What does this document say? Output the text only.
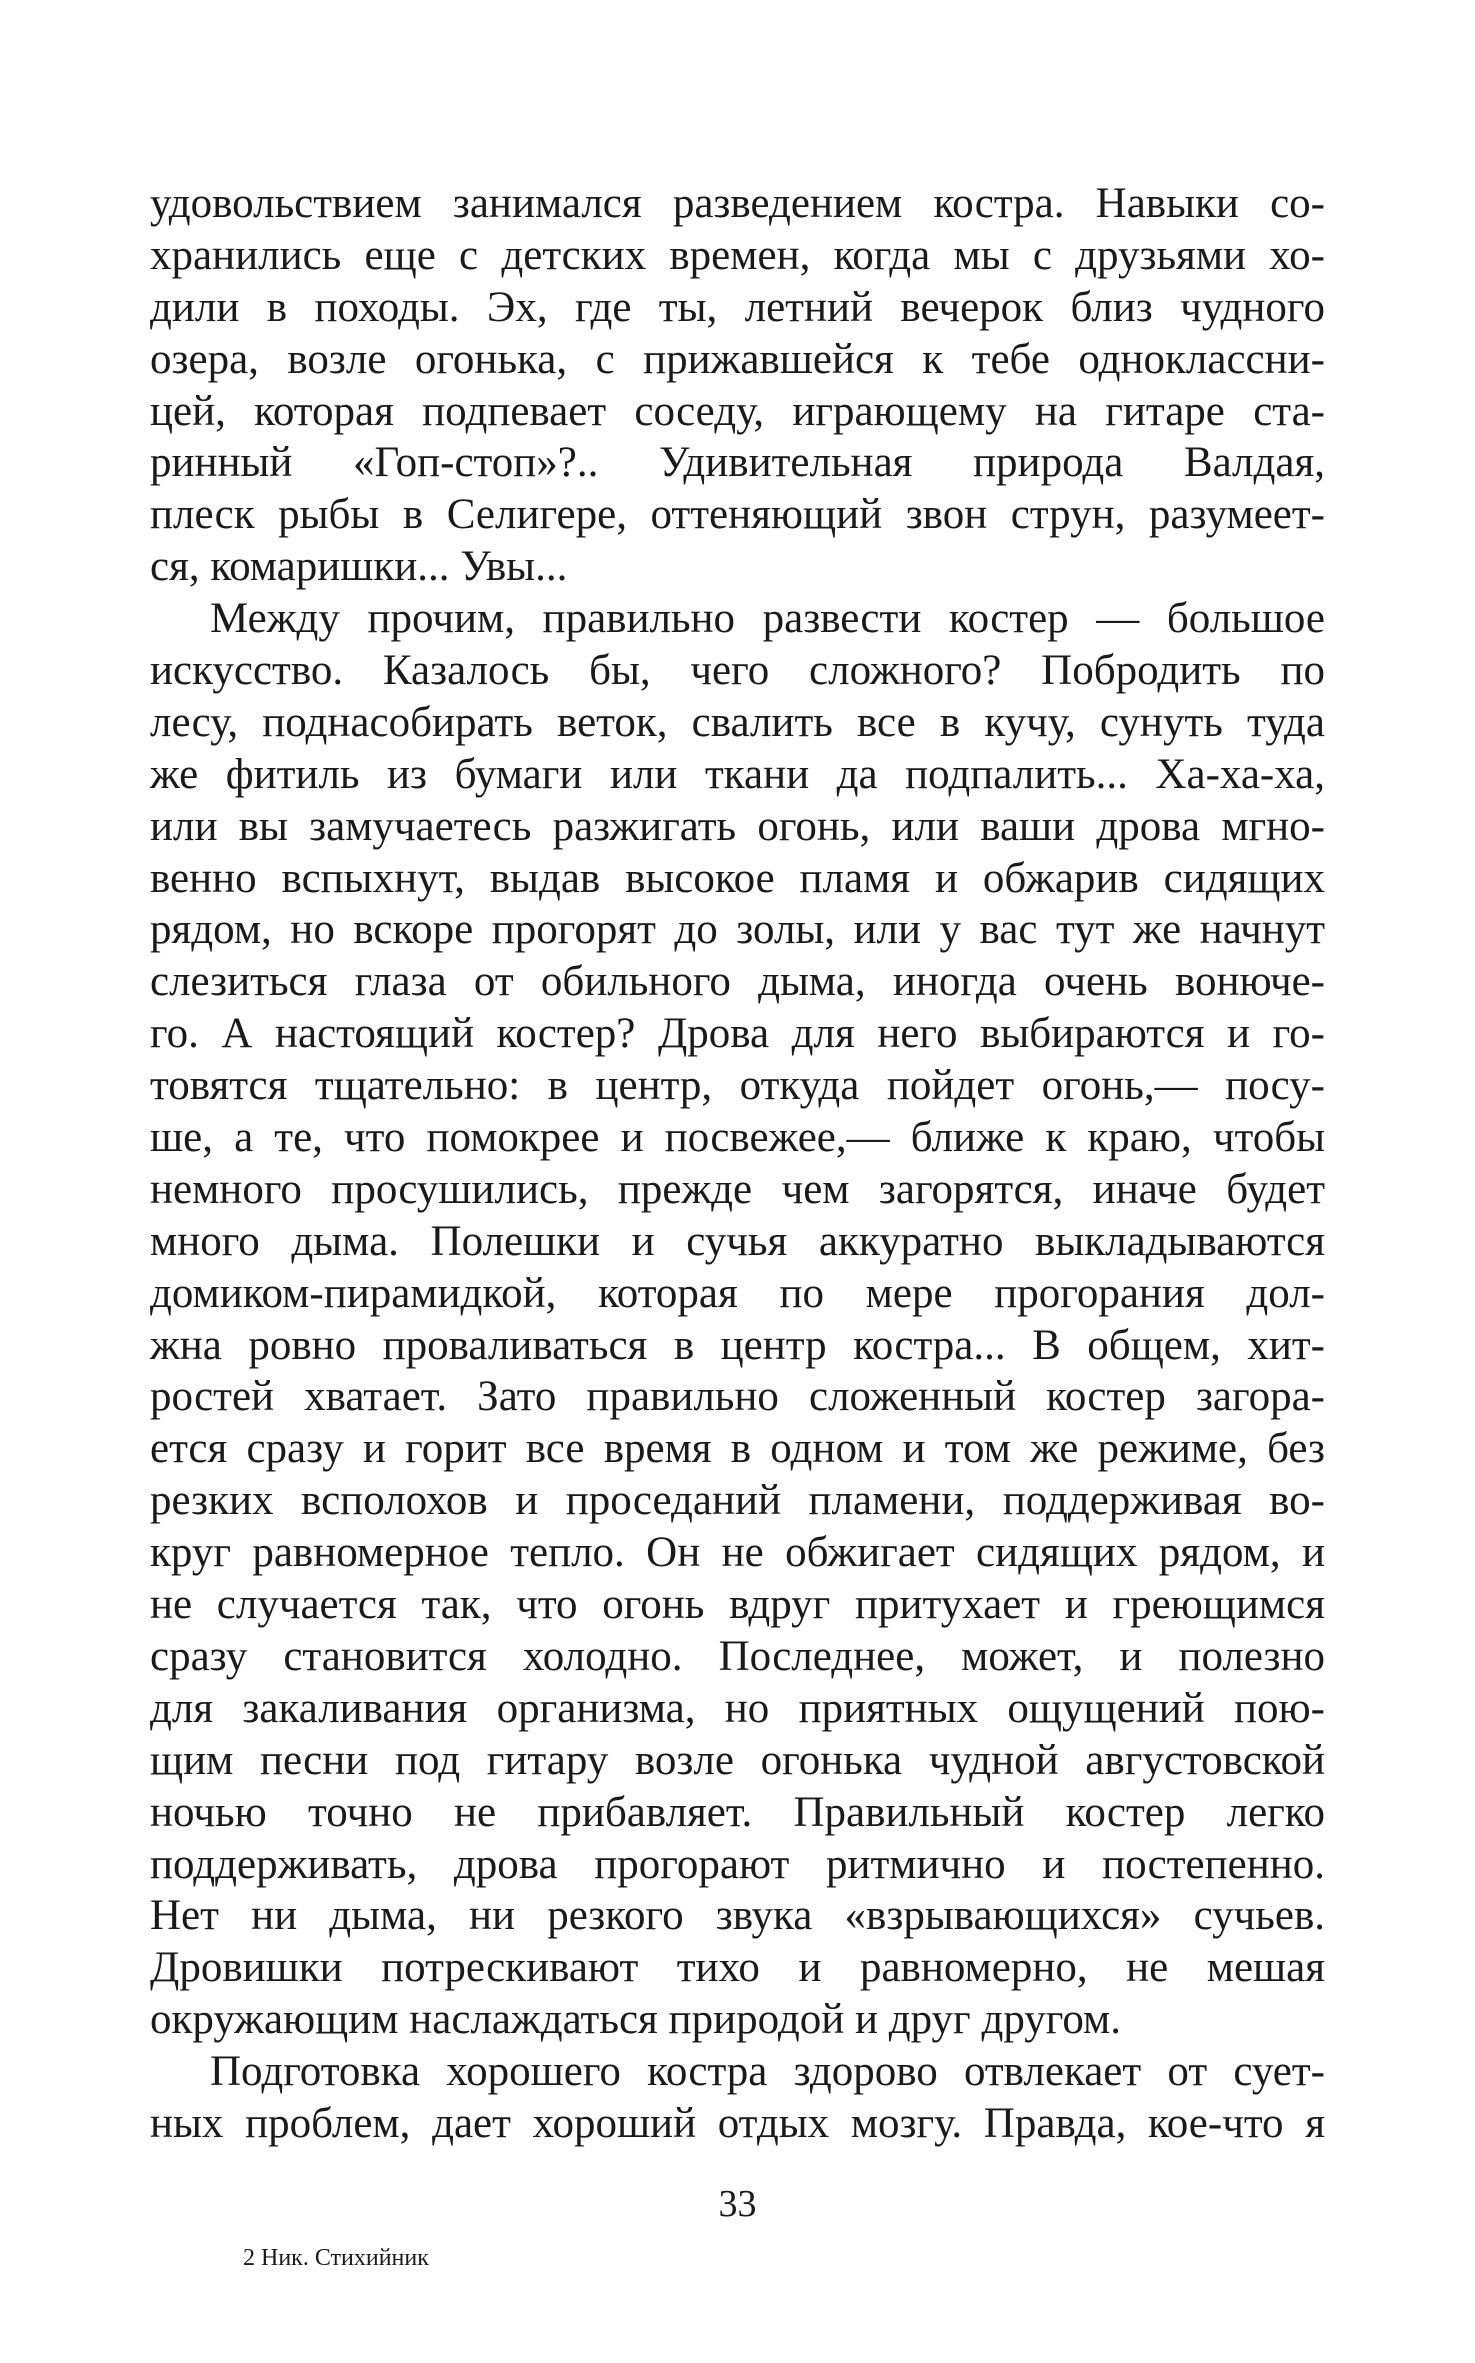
удовольствием занимался разведением костра. Навыки со-
хранились еще с детских времен, когда мы с друзьями хо-
дили в походы. Эх, где ты, летний вечерок близ чудного
озера, возле огонька, с прижавшейся к тебе одноклассни-
цей, которая подпевает соседу, играющему на гитаре ста-
ринный «Гоп-стоп»?.. Удивительная природа Валдая,
плеск рыбы в Селигере, оттеняющий звон струн, разумеет-
ся, комаришки... Увы...
Между прочим, правильно развести костер — большое
искусство. Казалось бы, чего сложного? Побродить по
лесу, поднасобирать веток, свалить все в кучу, сунуть туда
же фитиль из бумаги или ткани да подпалить... Ха-ха-ха,
или вы замучаетесь разжигать огонь, или ваши дрова мгно-
венно вспыхнут, выдав высокое пламя и обжарив сидящих
рядом, но вскоре прогорят до золы, или у вас тут же начнут
слезиться глаза от обильного дыма, иногда очень вонюче-
го. А настоящий костер? Дрова для него выбираются и го-
товятся тщательно: в центр, откуда пойдет огонь,— посу-
ше, а те, что помокрее и посвежее,— ближе к краю, чтобы
немного просушились, прежде чем загорятся, иначе будет
много дыма. Полешки и сучья аккуратно выкладываются
домиком-пирамидкой, которая по мере прогорания дол-
жна ровно проваливаться в центр костра... В общем, хит-
ростей хватает. Зато правильно сложенный костер загора-
ется сразу и горит все время в одном и том же режиме, без
резких всполохов и проседаний пламени, поддерживая во-
круг равномерное тепло. Он не обжигает сидящих рядом, и
не случается так, что огонь вдруг притухает и греющимся
сразу становится холодно. Последнее, может, и полезно
для закаливания организма, но приятных ощущений пою-
щим песни под гитару возле огонька чудной августовской
ночью точно не прибавляет. Правильный костер легко
поддерживать, дрова прогорают ритмично и постепенно.
Нет ни дыма, ни резкого звука «взрывающихся» сучьев.
Дровишки потрескивают тихо и равномерно, не мешая
окружающим наслаждаться природой и друг другом.
Подготовка хорошего костра здорово отвлекает от сует-
ных проблем, дает хороший отдых мозгу. Правда, кое-что я
33
2 Ник. Стихийник
